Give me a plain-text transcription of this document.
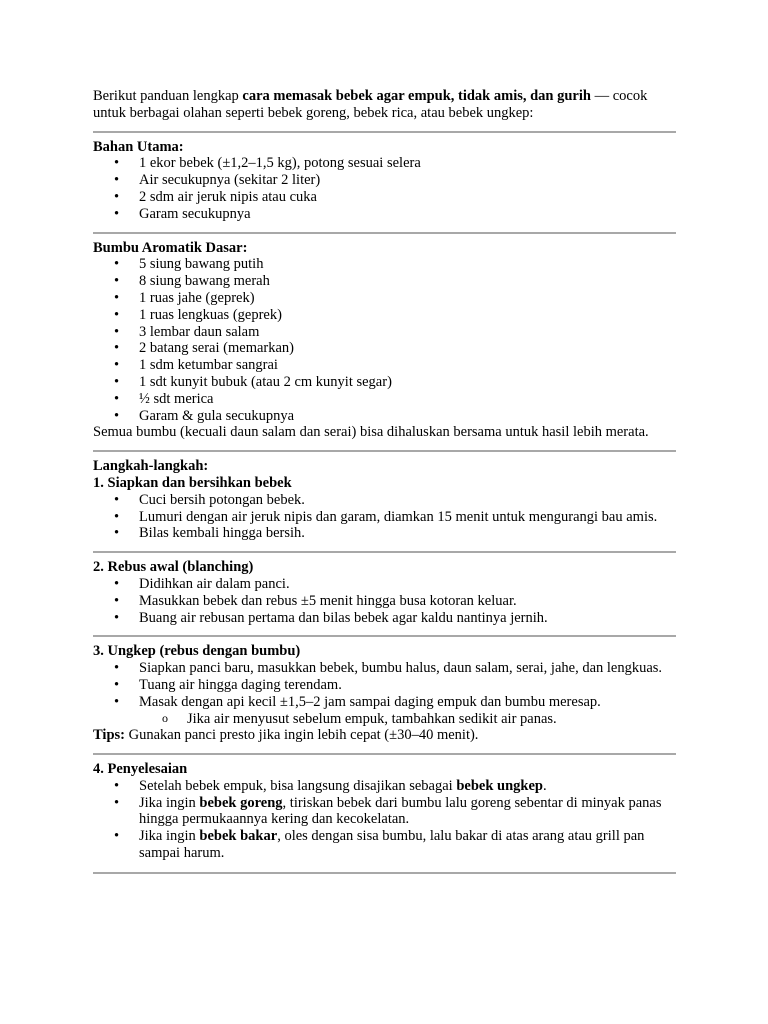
Berikut panduan lengkap cara memasak bebek agar empuk, tidak amis, dan gurih — cocok untuk berbagai olahan seperti bebek goreng, bebek rica, atau bebek ungkep:

Bahan Utama:

• 1 ekor bebek (±1,2–1,5 kg), potong sesuai selera
• Air secukupnya (sekitar 2 liter)
• 2 sdm air jeruk nipis atau cuka
• Garam secukupnya

Bumbu Aromatik Dasar:

• 5 siung bawang putih
• 8 siung bawang merah
• 1 ruas jahe (geprek)
• 1 ruas lengkuas (geprek)
• 3 lembar daun salam
• 2 batang serai (memarkan)
• 1 sdm ketumbar sangrai
• 1 sdt kunyit bubuk (atau 2 cm kunyit segar)
• ½ sdt merica
• Garam & gula secukupnya

Semua bumbu (kecuali daun salam dan serai) bisa dihaluskan bersama untuk hasil lebih merata.

Langkah-langkah:

1. Siapkan dan bersihkan bebek

• Cuci bersih potongan bebek.
• Lumuri dengan air jeruk nipis dan garam, diamkan 15 menit untuk mengurangi bau amis.
• Bilas kembali hingga bersih.

2. Rebus awal (blanching)

• Didihkan air dalam panci.
• Masukkan bebek dan rebus ±5 menit hingga busa kotoran keluar.
• Buang air rebusan pertama dan bilas bebek agar kaldu nantinya jernih.

3. Ungkep (rebus dengan bumbu)

• Siapkan panci baru, masukkan bebek, bumbu halus, daun salam, serai, jahe, dan lengkuas.
• Tuang air hingga daging terendam.
• Masak dengan api kecil ±1,5–2 jam sampai daging empuk dan bumbu meresap.
o Jika air menyusut sebelum empuk, tambahkan sedikit air panas.

Tips: Gunakan panci presto jika ingin lebih cepat (±30–40 menit).

4. Penyelesaian

• Setelah bebek empuk, bisa langsung disajikan sebagai bebek ungkep.
• Jika ingin bebek goreng, tiriskan bebek dari bumbu lalu goreng sebentar di minyak panas hingga permukaannya kering dan kecokelatan.
• Jika ingin bebek bakar, oles dengan sisa bumbu, lalu bakar di atas arang atau grill pan sampai harum.
